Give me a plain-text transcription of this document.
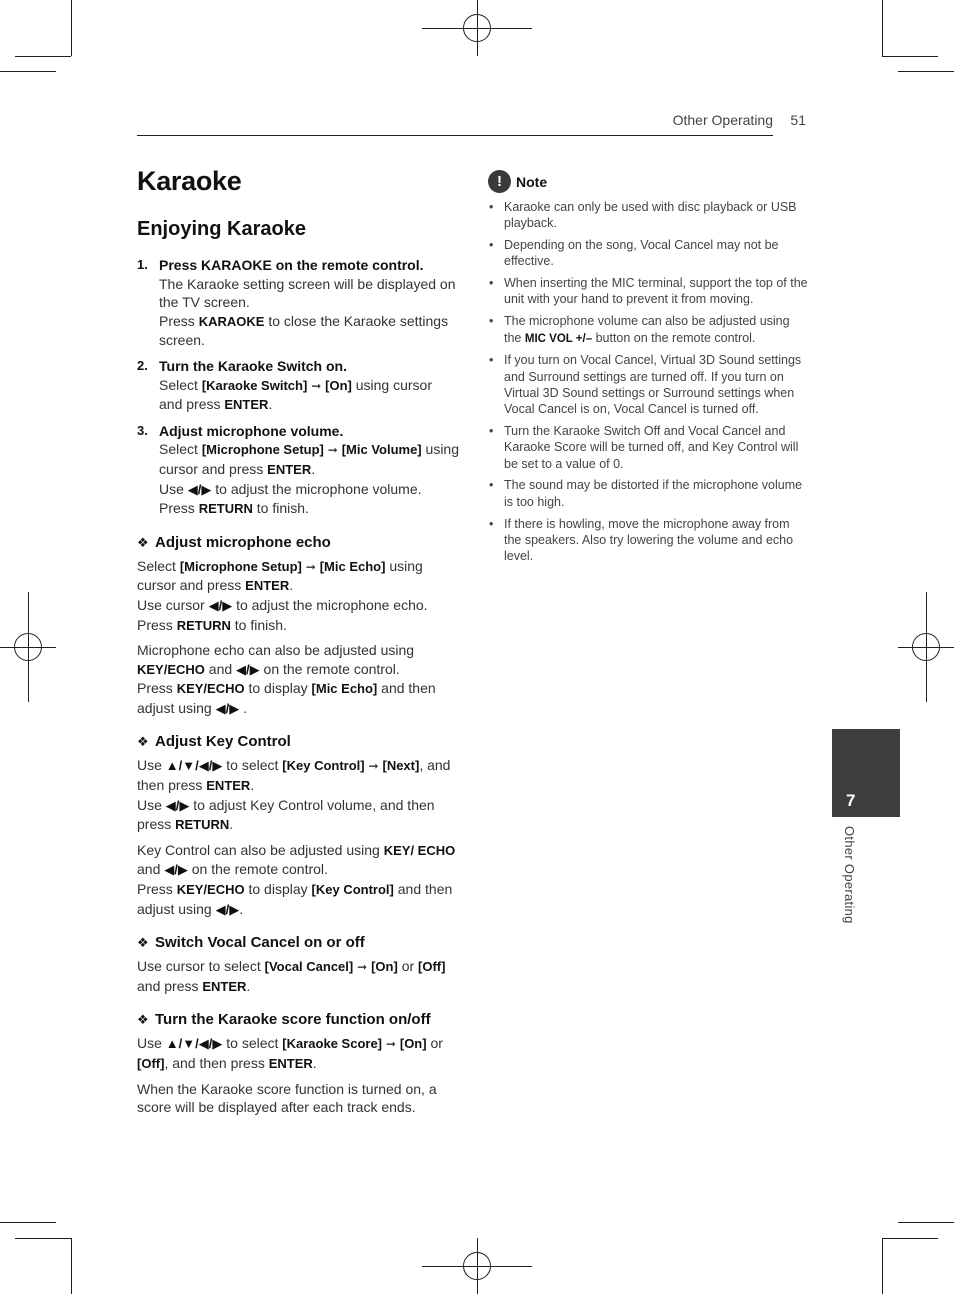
Other Operating 51
Karaoke
Enjoying Karaoke
1. Press KARAOKE on the remote control.
The Karaoke setting screen will be displayed on the TV screen.
Press KARAOKE to close the Karaoke settings screen.
2. Turn the Karaoke Switch on.
Select [Karaoke Switch] ➞ [On] using cursor and press ENTER.
3. Adjust microphone volume.
Select [Microphone Setup] ➞ [Mic Volume] using cursor and press ENTER.
Use ◀/▶ to adjust the microphone volume.
Press RETURN to finish.
❖ Adjust microphone echo
Select [Microphone Setup] ➞ [Mic Echo] using cursor and press ENTER.
Use cursor ◀/▶ to adjust the microphone echo.
Press RETURN to finish.
Microphone echo can also be adjusted using KEY/ECHO and ◀/▶ on the remote control.
Press KEY/ECHO to display [Mic Echo] and then adjust using ◀/▶ .
❖ Adjust Key Control
Use ▲/▼/◀/▶ to select [Key Control] ➞ [Next], and then press ENTER.
Use ◀/▶ to adjust Key Control volume, and then press RETURN.
Key Control can also be adjusted using KEY/ ECHO and ◀/▶ on the remote control.
Press KEY/ECHO to display [Key Control] and then adjust using ◀/▶.
❖ Switch Vocal Cancel on or off
Use cursor to select [Vocal Cancel] ➞ [On] or [Off] and press ENTER.
❖ Turn the Karaoke score function on/off
Use ▲/▼/◀/▶ to select [Karaoke Score] ➞ [On] or [Off], and then press ENTER.
When the Karaoke score function is turned on, a score will be displayed after each track ends.
!	Note
• Karaoke can only be used with disc playback or USB playback.
• Depending on the song, Vocal Cancel may not be effective.
• When inserting the MIC terminal, support the top of the unit with your hand to prevent it from moving.
• The microphone volume can also be adjusted using the MIC VOL +/– button on the remote control.
• If you turn on Vocal Cancel, Virtual 3D Sound settings and Surround settings are turned off. If you turn on Virtual 3D Sound settings or Surround settings when Vocal Cancel is on, Vocal Cancel is turned off.
• Turn the Karaoke Switch Off and Vocal Cancel and Karaoke Score will be turned off, and Key Control will be set to a value of 0.
• The sound may be distorted if the microphone volume is too high.
• If there is howling, move the microphone away from the speakers. Also try lowering the volume and echo level.
7
Other Operating
